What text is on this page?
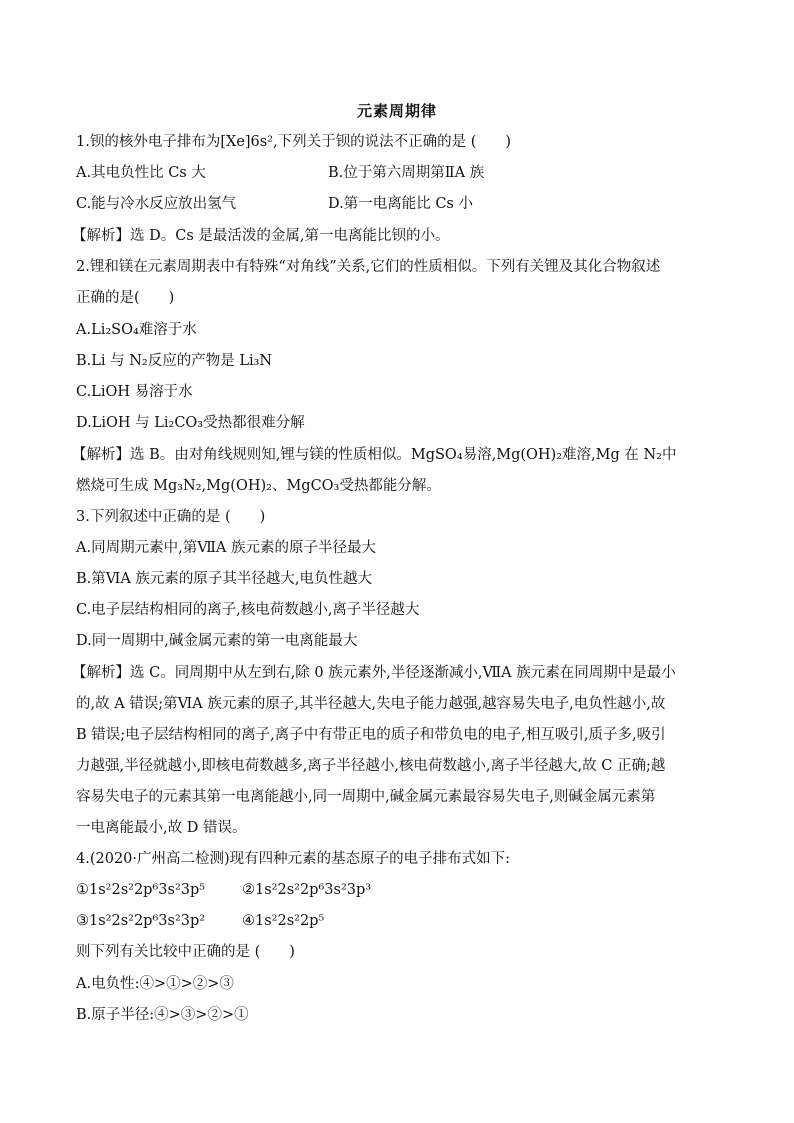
元素周期律
1.钡的核外电子排布为[Xe]6s²,下列关于钡的说法不正确的是 (　　)
A.其电负性比 Cs 大	B.位于第六周期第ⅡA 族
C.能与冷水反应放出氢气	D.第一电离能比 Cs 小
【解析】选 D。Cs 是最活泼的金属,第一电离能比钡的小。
2.锂和镁在元素周期表中有特殊“对角线”关系,它们的性质相似。下列有关锂及其化合物叙述
正确的是(　　)
A.Li₂SO₄难溶于水
B.Li 与 N₂反应的产物是 Li₃N
C.LiOH 易溶于水
D.LiOH 与 Li₂CO₃受热都很难分解
【解析】选 B。由对角线规则知,锂与镁的性质相似。MgSO₄易溶,Mg(OH)₂难溶,Mg 在 N₂中
燃烧可生成 Mg₃N₂,Mg(OH)₂、MgCO₃受热都能分解。
3.下列叙述中正确的是 (　　)
A.同周期元素中,第ⅦA 族元素的原子半径最大
B.第ⅥA 族元素的原子其半径越大,电负性越大
C.电子层结构相同的离子,核电荷数越小,离子半径越大
D.同一周期中,碱金属元素的第一电离能最大
【解析】选 C。同周期中从左到右,除 0 族元素外,半径逐渐减小,ⅦA 族元素在同周期中是最小
的,故 A 错误;第ⅥA 族元素的原子,其半径越大,失电子能力越强,越容易失电子,电负性越小,故
B 错误;电子层结构相同的离子,离子中有带正电的质子和带负电的电子,相互吸引,质子多,吸引
力越强,半径就越小,即核电荷数越多,离子半径越小,核电荷数越小,离子半径越大,故 C 正确;越
容易失电子的元素其第一电离能越小,同一周期中,碱金属元素最容易失电子,则碱金属元素第
一电离能最小,故 D 错误。
4.(2020·广州高二检测)现有四种元素的基态原子的电子排布式如下:
①1s²2s²2p⁶3s²3p⁵	②1s²2s²2p⁶3s²3p³
③1s²2s²2p⁶3s²3p²	④1s²2s²2p⁵
则下列有关比较中正确的是 (　　)
A.电负性:④>①>②>③
B.原子半径:④>③>②>①
